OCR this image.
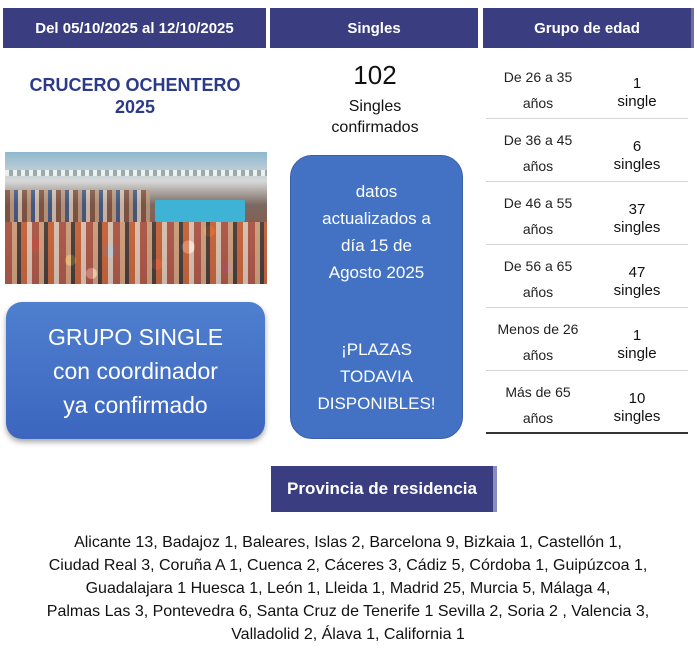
Del 05/10/2025 al 12/10/2025	Singles	Grupo de edad
CRUCERO OCHENTERO
2025
GRUPO SINGLE
con coordinador
ya confirmado
102
Singles
confirmados
datos
actualizados a
día 15 de
Agosto 2025
¡PLAZAS
TODAVIA
DISPONIBLES!
De 26 a 35
años
1
single
De 36 a 45
años
6
singles
De 46 a 55
años
37
singles
De 56 a 65
años
47
singles
Menos de 26
años
1
single
Más de 65
años
10
singles
Provincia de residencia
Alicante 13, Badajoz 1, Baleares, Islas 2, Barcelona 9, Bizkaia 1, Castellón 1,
Ciudad Real 3, Coruña A 1, Cuenca 2, Cáceres 3, Cádiz 5, Córdoba 1, Guipúzcoa 1,
Guadalajara 1 Huesca 1, León 1, Lleida 1, Madrid 25, Murcia 5, Málaga 4,
Palmas Las 3, Pontevedra 6, Santa Cruz de Tenerife 1 Sevilla 2, Soria 2 , Valencia 3,
Valladolid 2, Álava 1, California 1
